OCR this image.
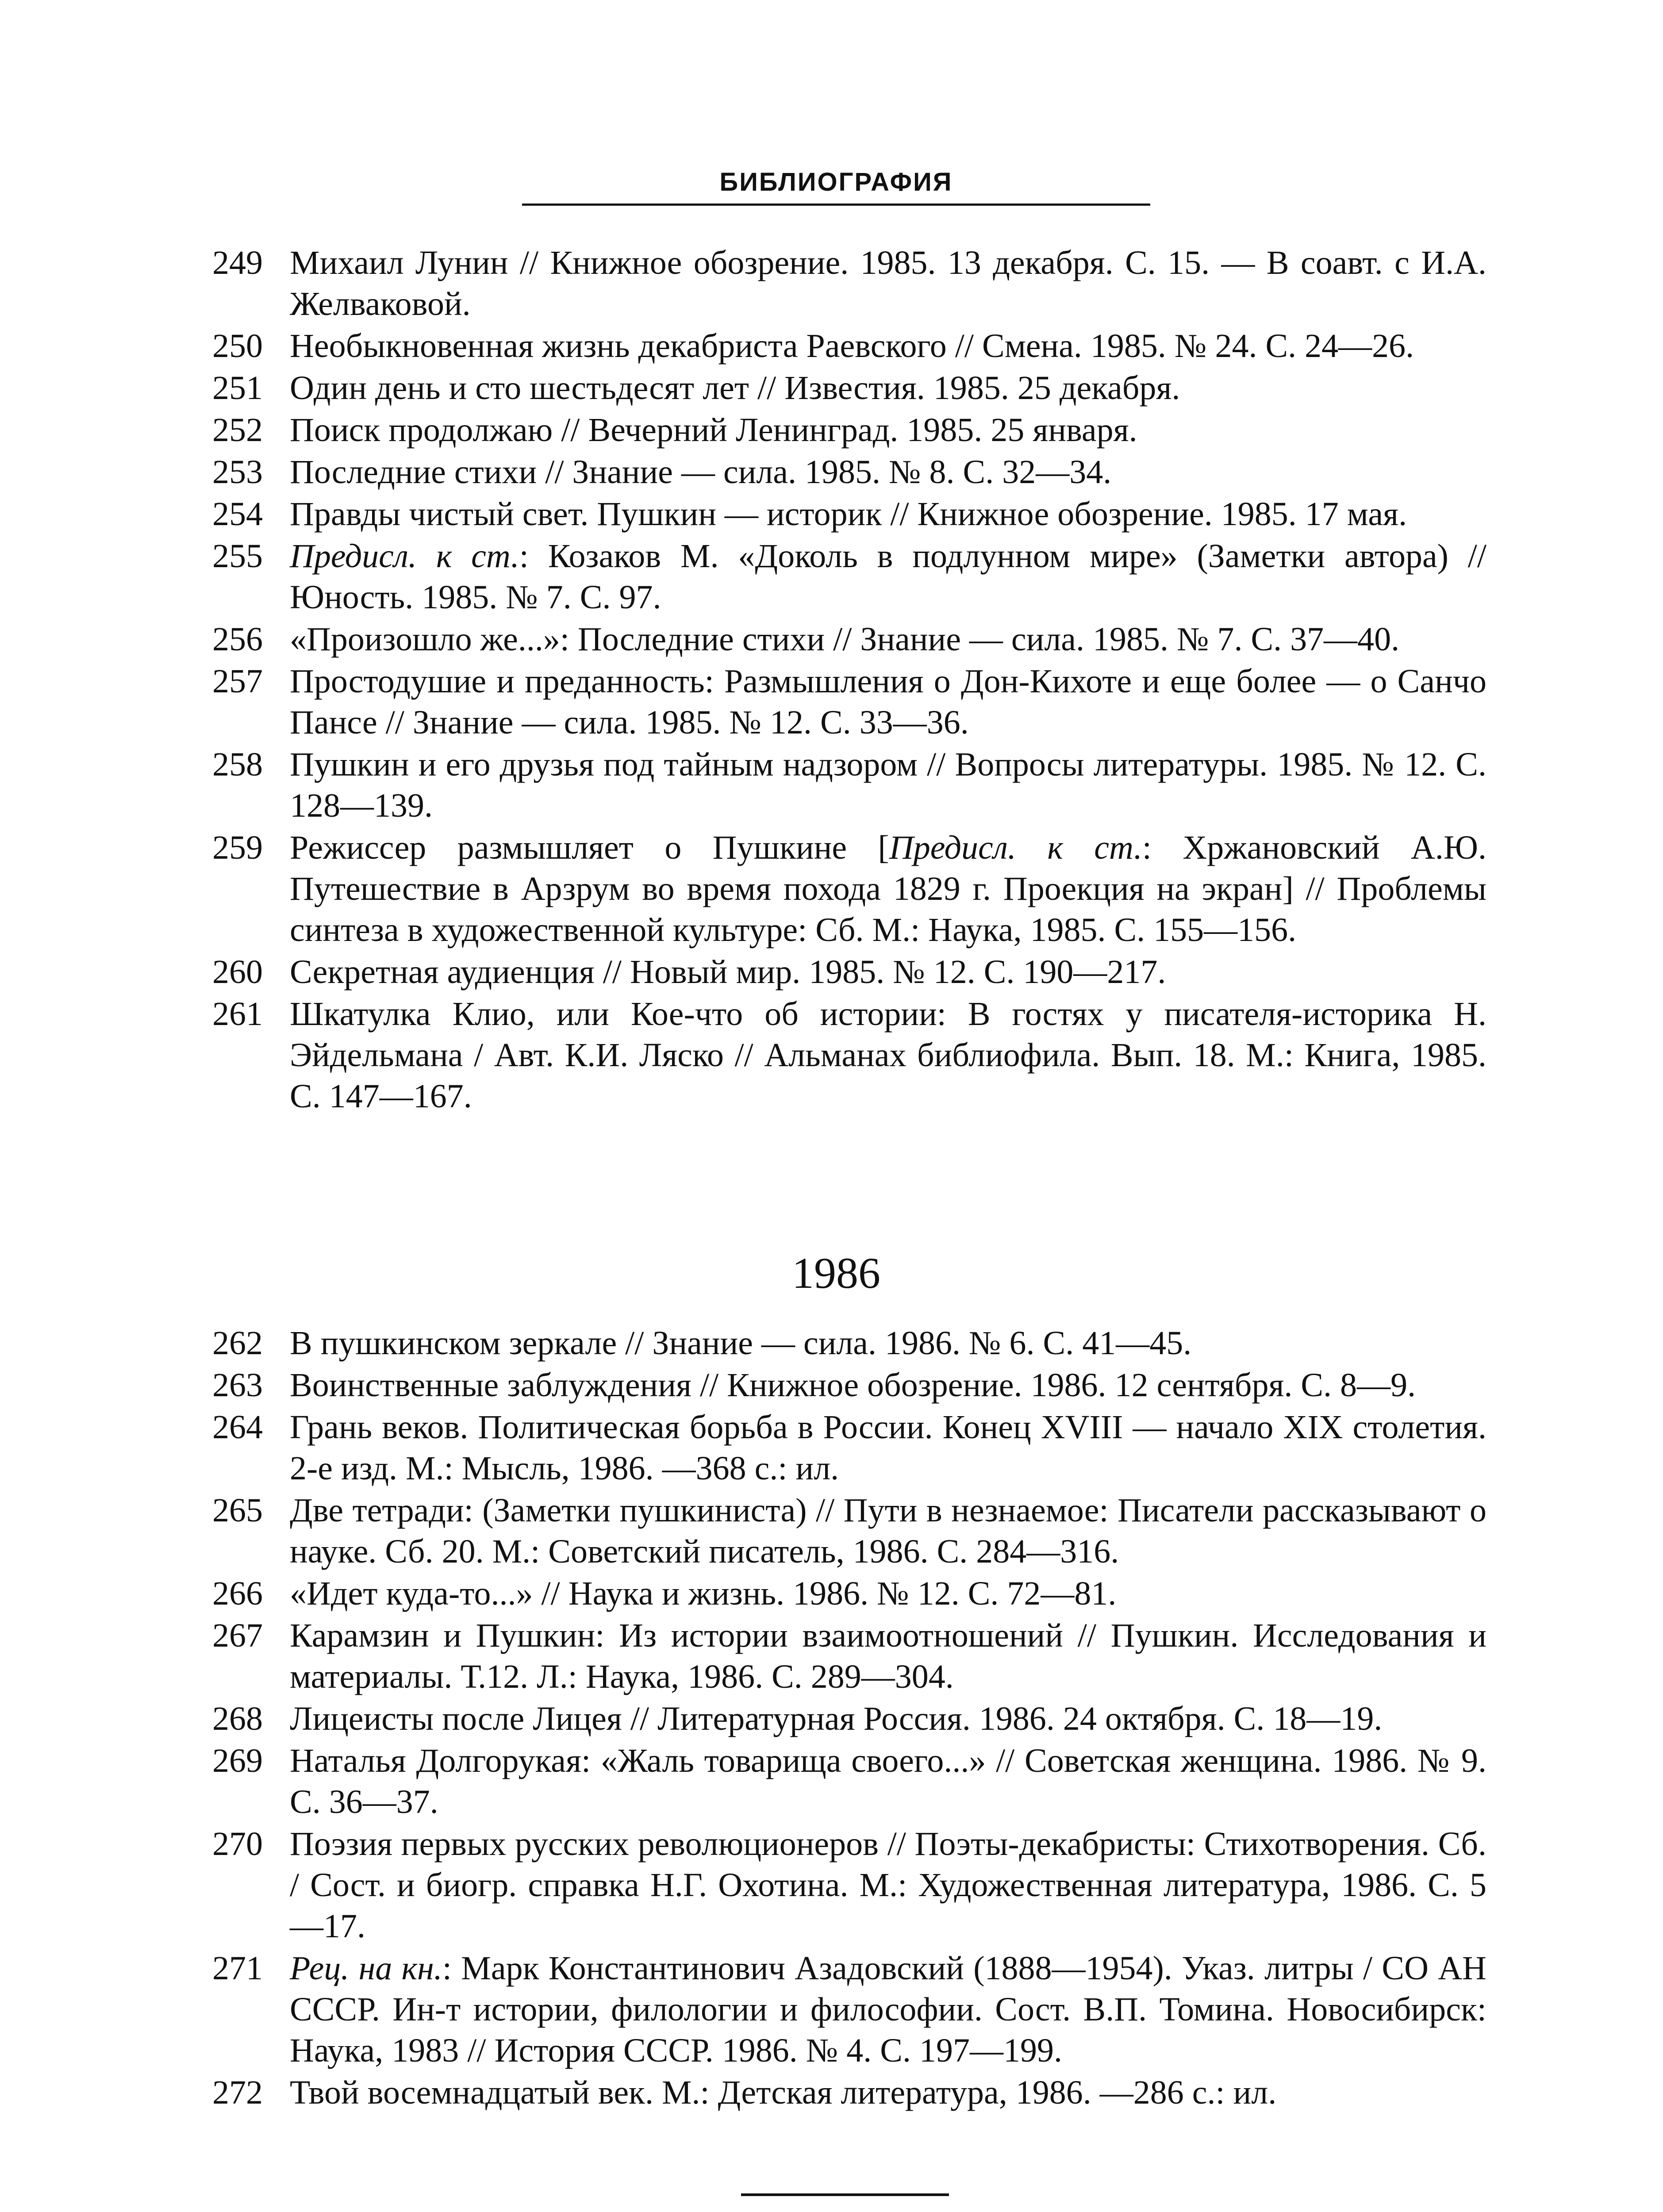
БИБЛИОГРАФИЯ
249 Михаил Лунин // Книжное обозрение. 1985. 13 декабря. С. 15. — В соавт. с И.А. Желваковой.
250 Необыкновенная жизнь декабриста Раевского // Смена. 1985. № 24. С. 24—26.
251 Один день и сто шестьдесят лет // Известия. 1985. 25 декабря.
252 Поиск продолжаю // Вечерний Ленинград. 1985. 25 января.
253 Последние стихи // Знание — сила. 1985. № 8. С. 32—34.
254 Правды чистый свет. Пушкин — историк // Книжное обозрение. 1985. 17 мая.
255 Предисл. к ст.: Козаков М. «Доколь в подлунном мире» (Заметки автора) // Юность. 1985. № 7. С. 97.
256 «Произошло же...»: Последние стихи // Знание — сила. 1985. № 7. С. 37—40.
257 Простодушие и преданность: Размышления о Дон-Кихоте и еще более — о Санчо Пансе // Знание — сила. 1985. № 12. С. 33—36.
258 Пушкин и его друзья под тайным надзором // Вопросы литературы. 1985. № 12. С. 128—139.
259 Режиссер размышляет о Пушкине [Предисл. к ст.: Хржановский А.Ю. Путешествие в Арзрум во время похода 1829 г. Проекция на экран] // Проблемы синтеза в художественной культуре: Сб. М.: Наука, 1985. С. 155—156.
260 Секретная аудиенция // Новый мир. 1985. № 12. С. 190—217.
261 Шкатулка Клио, или Кое-что об истории: В гостях у писателя-историка Н. Эйдельмана / Авт. К.И. Ляско // Альманах библиофила. Вып. 18. М.: Книга, 1985. С. 147—167.
1986
262 В пушкинском зеркале // Знание — сила. 1986. № 6. С. 41—45.
263 Воинственные заблуждения // Книжное обозрение. 1986. 12 сентября. С. 8—9.
264 Грань веков. Политическая борьба в России. Конец XVIII — начало XIX столетия. 2-е изд. М.: Мысль, 1986. —368 с.: ил.
265 Две тетради: (Заметки пушкиниста) // Пути в незнаемое: Писатели рассказывают о науке. Сб. 20. М.: Советский писатель, 1986. С. 284—316.
266 «Идет куда-то...» // Наука и жизнь. 1986. № 12. С. 72—81.
267 Карамзин и Пушкин: Из истории взаимоотношений // Пушкин. Исследования и материалы. Т.12. Л.: Наука, 1986. С. 289—304.
268 Лицеисты после Лицея // Литературная Россия. 1986. 24 октября. С. 18—19.
269 Наталья Долгорукая: «Жаль товарища своего...» // Советская женщина. 1986. № 9. С. 36—37.
270 Поэзия первых русских революционеров // Поэты-декабристы: Стихотворения. Сб. / Сост. и биогр. справка Н.Г. Охотина. М.: Художественная литература, 1986. С. 5—17.
271 Рец. на кн.: Марк Константинович Азадовский (1888—1954). Указ. литры / СО АН СССР. Ин-т истории, филологии и философии. Сост. В.П. Томина. Новосибирск: Наука, 1983 // История СССР. 1986. № 4. С. 197—199.
272 Твой восемнадцатый век. М.: Детская литература, 1986. —286 с.: ил.
